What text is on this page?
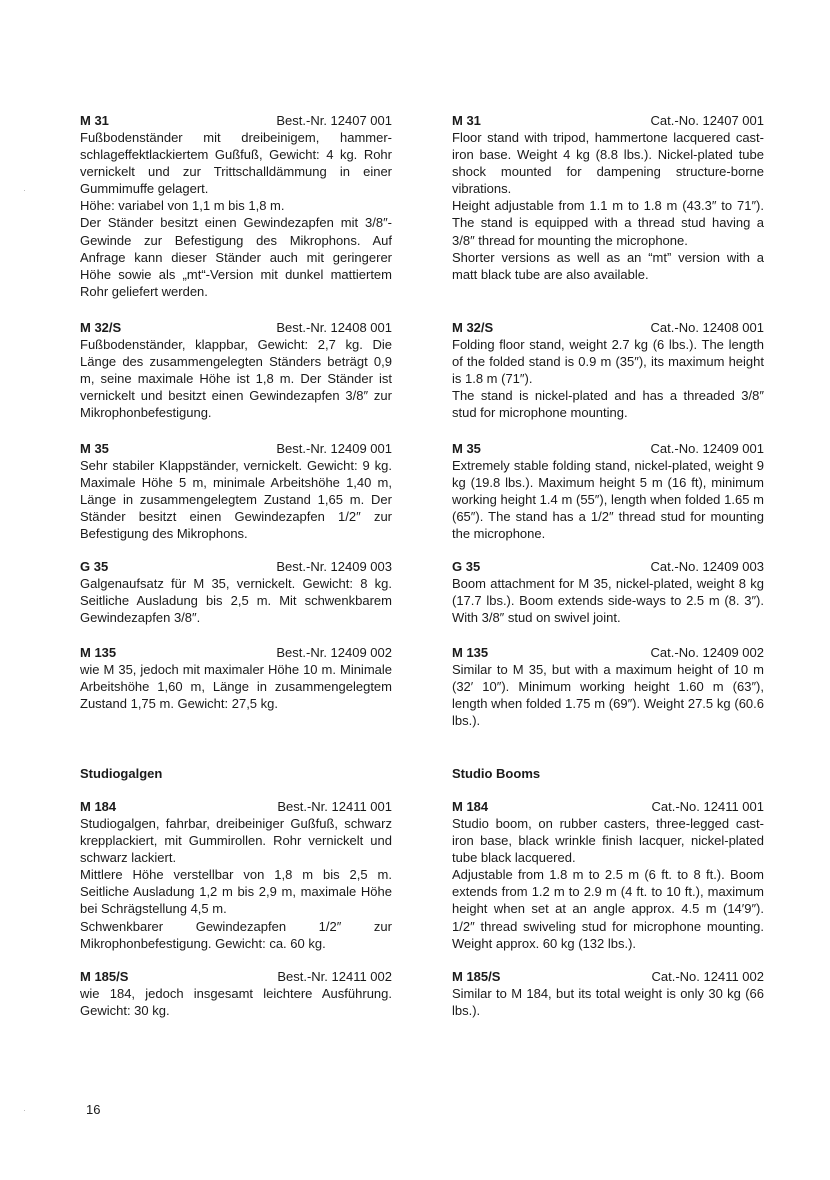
M 31	Best.-Nr. 12407 001

Fußbodenständer mit dreibeinigem, hammer-schlageffektlackiertem Gußfuß, Gewicht: 4 kg. Rohr vernickelt und zur Trittschalldämmung in einer Gummimuffe gelagert.

Höhe: variabel von 1,1 m bis 1,8 m.

Der Ständer besitzt einen Gewindezapfen mit 3/8″-Gewinde zur Befestigung des Mikrophons. Auf Anfrage kann dieser Ständer auch mit geringerer Höhe sowie als „mt“-Version mit dunkel mattiertem Rohr geliefert werden.

M 32/S	Best.-Nr. 12408 001

Fußbodenständer, klappbar, Gewicht: 2,7 kg. Die Länge des zusammengelegten Ständers beträgt 0,9 m, seine maximale Höhe ist 1,8 m. Der Ständer ist vernickelt und besitzt einen Gewindezapfen 3/8″ zur Mikrophonbefestigung.

M 35	Best.-Nr. 12409 001

Sehr stabiler Klappständer, vernickelt. Gewicht: 9 kg. Maximale Höhe 5 m, minimale Arbeitshöhe 1,40 m, Länge in zusammengelegtem Zustand 1,65 m. Der Ständer besitzt einen Gewindezapfen 1/2″ zur Befestigung des Mikrophons.

G 35	Best.-Nr. 12409 003

Galgenaufsatz für M 35, vernickelt. Gewicht: 8 kg. Seitliche Ausladung bis 2,5 m. Mit schwenkbarem Gewindezapfen 3/8″.

M 135	Best.-Nr. 12409 002

wie M 35, jedoch mit maximaler Höhe 10 m. Minimale Arbeitshöhe 1,60 m, Länge in zusammengelegtem Zustand 1,75 m. Gewicht: 27,5 kg.

Studiogalgen
M 184	Best.-Nr. 12411 001

Studiogalgen, fahrbar, dreibeiniger Gußfuß, schwarz krepplackiert, mit Gummirollen. Rohr vernickelt und schwarz lackiert.

Mittlere Höhe verstellbar von 1,8 m bis 2,5 m. Seitliche Ausladung 1,2 m bis 2,9 m, maximale Höhe bei Schrägstellung 4,5 m.

Schwenkbarer Gewindezapfen 1/2″ zur Mikrophonbefestigung. Gewicht: ca. 60 kg.

M 185/S	Best.-Nr. 12411 002

wie 184, jedoch insgesamt leichtere Ausführung. Gewicht: 30 kg.

M 31	Cat.-No. 12407 001

Floor stand with tripod, hammertone lacquered cast-iron base. Weight 4 kg (8.8 lbs.). Nickel-plated tube shock mounted for dampening structure-borne vibrations.

Height adjustable from 1.1 m to 1.8 m (43.3″ to 71″). The stand is equipped with a thread stud having a 3/8″ thread for mounting the microphone.

Shorter versions as well as an “mt” version with a matt black tube are also available.

M 32/S	Cat.-No. 12408 001

Folding floor stand, weight 2.7 kg (6 lbs.). The length of the folded stand is 0.9 m (35″), its maximum height is 1.8 m (71″).

The stand is nickel-plated and has a threaded 3/8″ stud for microphone mounting.

M 35	Cat.-No. 12409 001

Extremely stable folding stand, nickel-plated, weight 9 kg (19.8 lbs.). Maximum height 5 m (16 ft), minimum working height 1.4 m (55″), length when folded 1.65 m (65″). The stand has a 1/2″ thread stud for mounting the microphone.

G 35	Cat.-No. 12409 003

Boom attachment for M 35, nickel-plated, weight 8 kg (17.7 lbs.). Boom extends side-ways to 2.5 m (8. 3″). With 3/8″ stud on swivel joint.

M 135	Cat.-No. 12409 002

Similar to M 35, but with a maximum height of 10 m (32′ 10″). Minimum working height 1.60 m (63″), length when folded 1.75 m (69″). Weight 27.5 kg (60.6 lbs.).

Studio Booms
M 184	Cat.-No. 12411 001

Studio boom, on rubber casters, three-legged cast-iron base, black wrinkle finish lacquer, nickel-plated tube black lacquered.

Adjustable from 1.8 m to 2.5 m (6 ft. to 8 ft.). Boom extends from 1.2 m to 2.9 m (4 ft. to 10 ft.), maximum height when set at an angle approx. 4.5 m (14′9″). 1/2″ thread swiveling stud for microphone mounting. Weight approx. 60 kg (132 lbs.).

M 185/S	Cat.-No. 12411 002

Similar to M 184, but its total weight is only 30 kg (66 lbs.).

16
